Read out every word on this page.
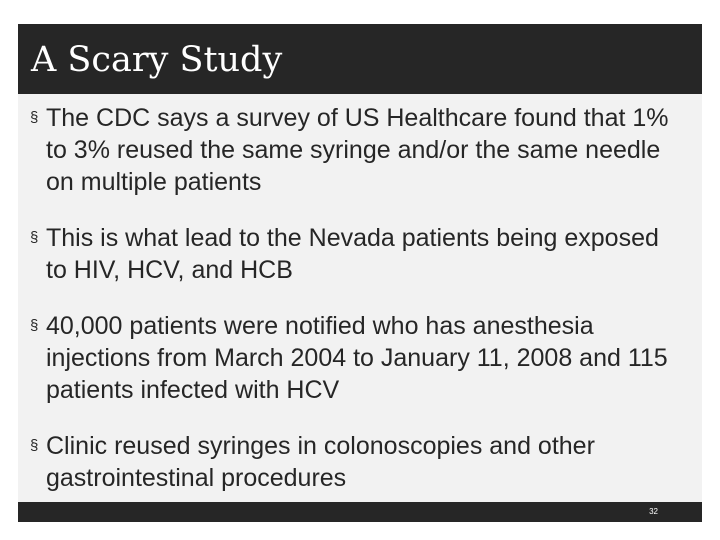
A Scary Study
§ The CDC says a survey of US Healthcare found that 1% to 3% reused the same syringe and/or the same needle on multiple patients
§ This is what lead to the Nevada patients being exposed to HIV, HCV, and HCB
§ 40,000 patients were notified who has anesthesia injections from March 2004 to January 11, 2008 and 115 patients infected with HCV
§ Clinic reused syringes in colonoscopies and other gastrointestinal procedures
32
